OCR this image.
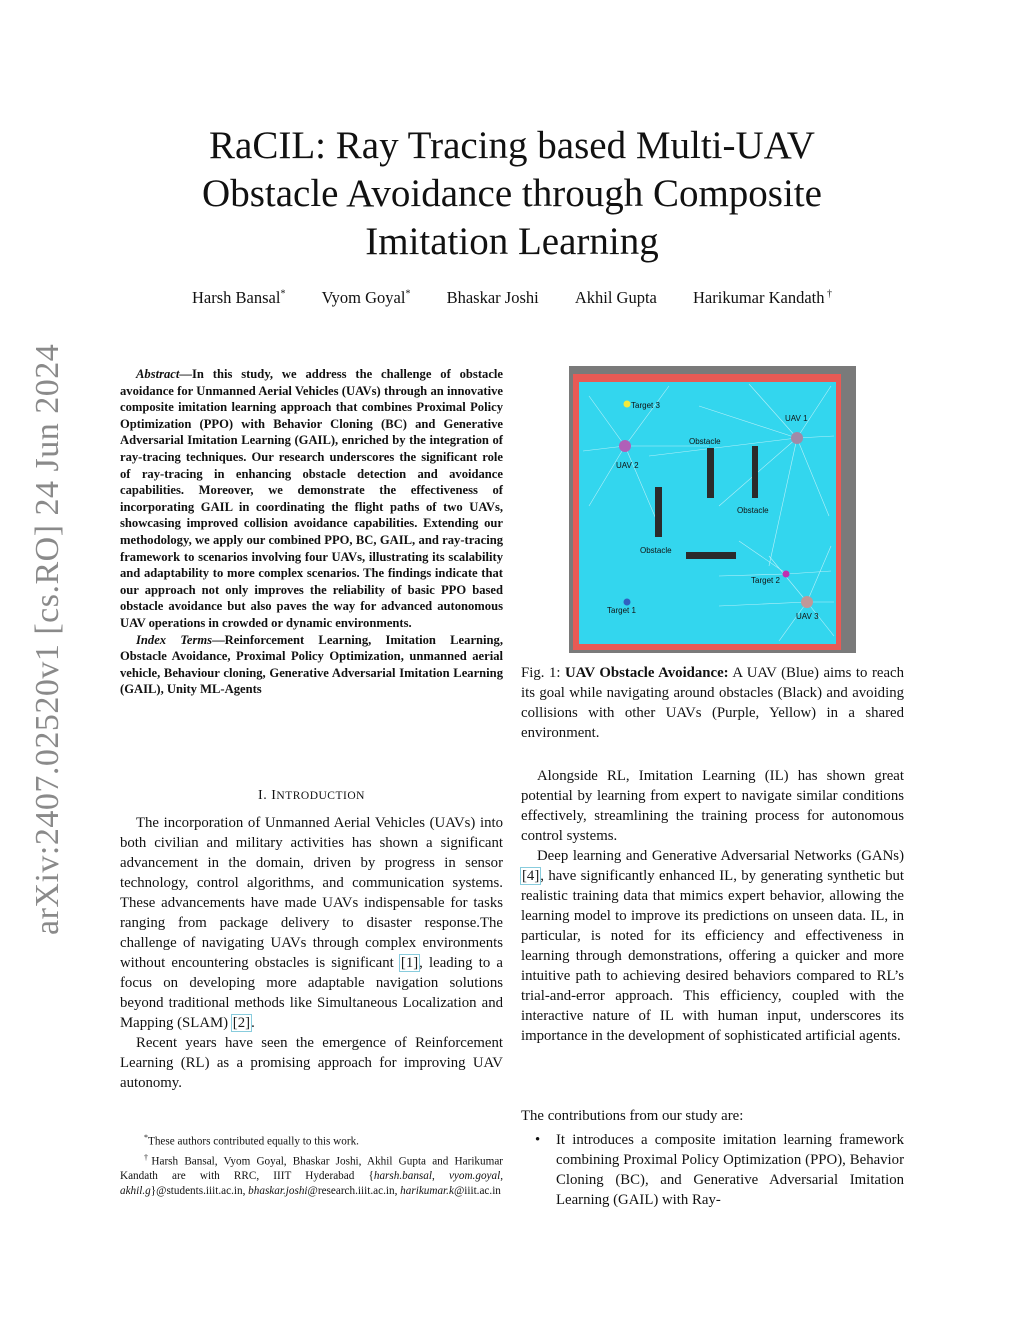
arXiv:2407.02520v1 [cs.RO] 24 Jun 2024
RaCIL: Ray Tracing based Multi-UAV
Obstacle Avoidance through Composite
Imitation Learning
Harsh Bansal* Vyom Goyal* Bhaskar Joshi Akhil Gupta Harikumar Kandath †

Abstract—In this study, we address the challenge of obstacle avoidance for Unmanned Aerial Vehicles (UAVs) through an innovative composite imitation learning approach that combines Proximal Policy Optimization (PPO) with Behavior Cloning (BC) and Generative Adversarial Imitation Learning (GAIL), enriched by the integration of ray-tracing techniques. Our research underscores the significant role of ray-tracing in enhancing obstacle detection and avoidance capabilities. Moreover, we demonstrate the effectiveness of incorporating GAIL in coordinating the flight paths of two UAVs, showcasing improved collision avoidance capabilities. Extending our methodology, we apply our combined PPO, BC, GAIL, and ray-tracing framework to scenarios involving four UAVs, illustrating its scalability and adaptability to more complex scenarios. The findings indicate that our approach not only improves the reliability of basic PPO based obstacle avoidance but also paves the way for advanced autonomous UAV operations in crowded or dynamic environments.

Index Terms—Reinforcement Learning, Imitation Learning, Obstacle Avoidance, Proximal Policy Optimization, unmanned aerial vehicle, Behaviour cloning, Generative Adversarial Imitation Learning (GAIL), Unity ML-Agents

I. INTRODUCTION

The incorporation of Unmanned Aerial Vehicles (UAVs) into both civilian and military activities has shown a significant advancement in the domain, driven by progress in sensor technology, control algorithms, and communication systems. These advancements have made UAVs indispensable for tasks ranging from package delivery to disaster response.The challenge of navigating UAVs through complex environments without encountering obstacles is significant [1], leading to a focus on developing more adaptable navigation solutions beyond traditional methods like Simultaneous Localization and Mapping (SLAM) [2].

Recent years have seen the emergence of Reinforcement Learning (RL) as a promising approach for improving UAV autonomy.

*These authors contributed equally to this work.

†Harsh Bansal, Vyom Goyal, Bhaskar Joshi, Akhil Gupta and Harikumar Kandath are with RRC, IIIT Hyderabad {harsh.bansal, vyom.goyal, akhil.g}@students.iiit.ac.in, bhaskar.joshi@research.iiit.ac.in, harikumar.k@iiit.ac.in

Target 3
UAV 1
Obstacle
UAV 2
Obstacle
Obstacle
Target 2
Target 1
UAV 3
Fig. 1: UAV Obstacle Avoidance: A UAV (Blue) aims to reach its goal while navigating around obstacles (Black) and avoiding collisions with other UAVs (Purple, Yellow) in a shared environment.

Alongside RL, Imitation Learning (IL) has shown great potential by learning from expert to navigate similar conditions effectively, streamlining the training process for autonomous control systems.

Deep learning and Generative Adversarial Networks (GANs) [4], have significantly enhanced IL, by generating synthetic but realistic training data that mimics expert behavior, allowing the learning model to improve its predictions on unseen data. IL, in particular, is noted for its efficiency and effectiveness in learning through demonstrations, offering a quicker and more intuitive path to achieving desired behaviors compared to RL’s trial-and-error approach. This efficiency, coupled with the interactive nature of IL with human input, underscores its importance in the development of sophisticated artificial agents.

The contributions from our study are:

• It introduces a composite imitation learning framework combining Proximal Policy Optimization (PPO), Behavior Cloning (BC), and Generative Adversarial Imitation Learning (GAIL) with Ray-
